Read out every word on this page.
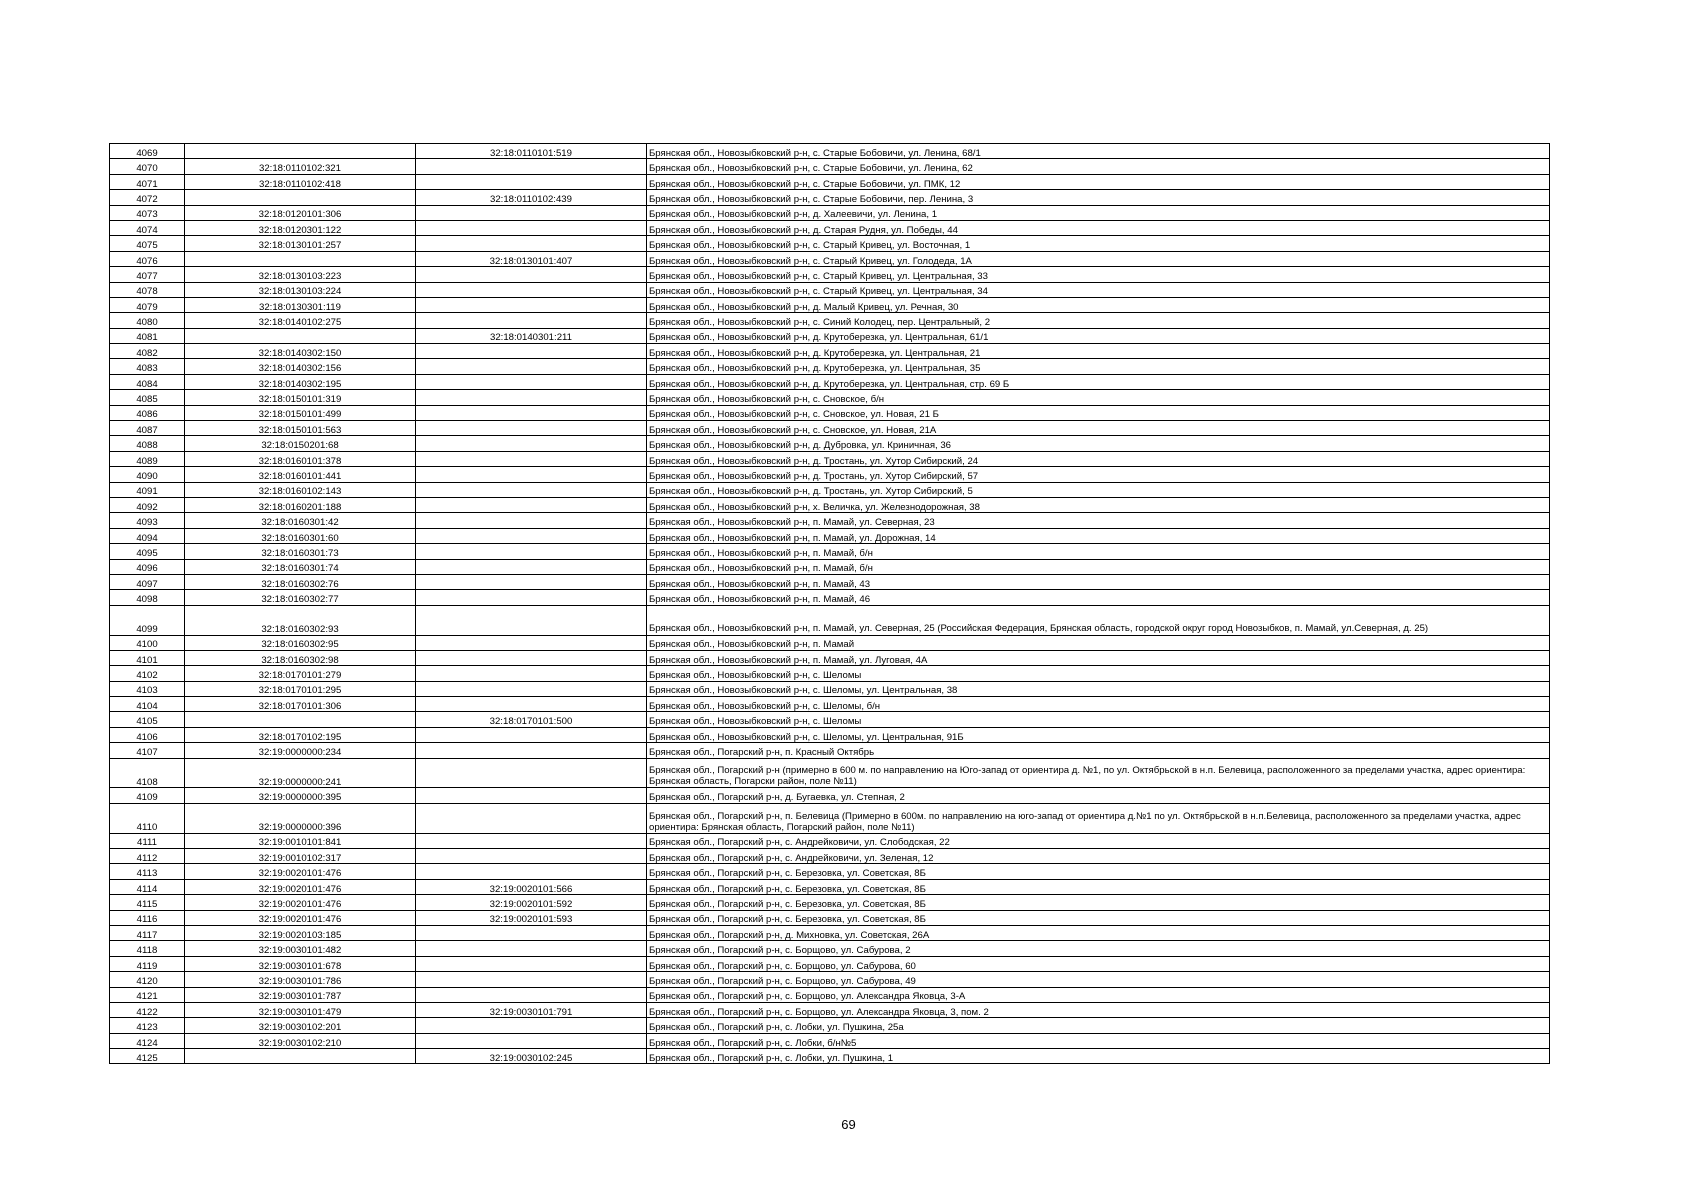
4069		32:18:0110101:519	Брянская обл., Новозыбковский р-н, с. Старые Бобовичи, ул. Ленина, 68/1
4070	32:18:0110102:321		Брянская обл., Новозыбковский р-н, с. Старые Бобовичи, ул. Ленина, 62
4071	32:18:0110102:418		Брянская обл., Новозыбковский р-н, с. Старые Бобовичи, ул. ПМК, 12
4072		32:18:0110102:439	Брянская обл., Новозыбковский р-н, с. Старые Бобовичи, пер. Ленина, 3
4073	32:18:0120101:306		Брянская обл., Новозыбковский р-н, д. Халеевичи, ул. Ленина, 1
4074	32:18:0120301:122		Брянская обл., Новозыбковский р-н, д. Старая Рудня, ул. Победы, 44
4075	32:18:0130101:257		Брянская обл., Новозыбковский р-н, с. Старый Кривец, ул. Восточная, 1
4076		32:18:0130101:407	Брянская обл., Новозыбковский р-н, с. Старый Кривец, ул. Голодеда, 1А
4077	32:18:0130103:223		Брянская обл., Новозыбковский р-н, с. Старый Кривец, ул. Центральная, 33
4078	32:18:0130103:224		Брянская обл., Новозыбковский р-н, с. Старый Кривец, ул. Центральная, 34
4079	32:18:0130301:119		Брянская обл., Новозыбковский р-н, д. Малый Кривец, ул. Речная, 30
4080	32:18:0140102:275		Брянская обл., Новозыбковский р-н, с. Синий Колодец, пер. Центральный, 2
4081		32:18:0140301:211	Брянская обл., Новозыбковский р-н, д. Крутоберезка, ул. Центральная, 61/1
4082	32:18:0140302:150		Брянская обл., Новозыбковский р-н, д. Крутоберезка, ул. Центральная, 21
4083	32:18:0140302:156		Брянская обл., Новозыбковский р-н, д. Крутоберезка, ул. Центральная, 35
4084	32:18:0140302:195		Брянская обл., Новозыбковский р-н, д. Крутоберезка, ул. Центральная, стр. 69 Б
4085	32:18:0150101:319		Брянская обл., Новозыбковский р-н, с. Сновское, б/н
4086	32:18:0150101:499		Брянская обл., Новозыбковский р-н, с. Сновское, ул. Новая, 21 Б
4087	32:18:0150101:563		Брянская обл., Новозыбковский р-н, с. Сновское, ул. Новая, 21А
4088	32:18:0150201:68		Брянская обл., Новозыбковский р-н, д. Дубровка, ул. Криничная, 36
4089	32:18:0160101:378		Брянская обл., Новозыбковский р-н, д. Тростань, ул. Хутор Сибирский, 24
4090	32:18:0160101:441		Брянская обл., Новозыбковский р-н, д. Тростань, ул. Хутор Сибирский, 57
4091	32:18:0160102:143		Брянская обл., Новозыбковский р-н, д. Тростань, ул. Хутор Сибирский, 5
4092	32:18:0160201:188		Брянская обл., Новозыбковский р-н, х. Величка, ул. Железнодорожная, 38
4093	32:18:0160301:42		Брянская обл., Новозыбковский р-н, п. Мамай, ул. Северная, 23
4094	32:18:0160301:60		Брянская обл., Новозыбковский р-н, п. Мамай, ул. Дорожная, 14
4095	32:18:0160301:73		Брянская обл., Новозыбковский р-н, п. Мамай, б/н
4096	32:18:0160301:74		Брянская обл., Новозыбковский р-н, п. Мамай, б/н
4097	32:18:0160302:76		Брянская обл., Новозыбковский р-н, п. Мамай, 43
4098	32:18:0160302:77		Брянская обл., Новозыбковский р-н, п. Мамай, 46
4099	32:18:0160302:93		Брянская обл., Новозыбковский р-н, п. Мамай, ул. Северная, 25 (Российская Федерация, Брянская область, городской округ город Новозыбков, п. Мамай, ул.Северная, д. 25)
4100	32:18:0160302:95		Брянская обл., Новозыбковский р-н, п. Мамай
4101	32:18:0160302:98		Брянская обл., Новозыбковский р-н, п. Мамай, ул. Луговая, 4А
4102	32:18:0170101:279		Брянская обл., Новозыбковский р-н, с. Шеломы
4103	32:18:0170101:295		Брянская обл., Новозыбковский р-н, с. Шеломы, ул. Центральная, 38
4104	32:18:0170101:306		Брянская обл., Новозыбковский р-н, с. Шеломы, б/н
4105		32:18:0170101:500	Брянская обл., Новозыбковский р-н, с. Шеломы
4106	32:18:0170102:195		Брянская обл., Новозыбковский р-н, с. Шеломы, ул. Центральная, 91Б
4107	32:19:0000000:234		Брянская обл., Погарский р-н, п. Красный Октябрь
4108	32:19:0000000:241		Брянская обл., Погарский р-н (примерно в 600 м. по направлению на Юго-запад от ориентира д. №1, по ул. Октябрьской в н.п. Белевица, расположенного за пределами участка, адрес ориентира: Брянская область, Погарски район, поле №11)
4109	32:19:0000000:395		Брянская обл., Погарский р-н, д. Бугаевка, ул. Степная, 2
4110	32:19:0000000:396		Брянская обл., Погарский р-н, п. Белевица (Примерно в 600м. по направлению на юго-запад от ориентира д.№1 по ул. Октябрьской в н.п.Белевица, расположенного за пределами участка, адрес ориентира: Брянская область, Погарский район, поле №11)
4111	32:19:0010101:841		Брянская обл., Погарский р-н, с. Андрейковичи, ул. Слободская, 22
4112	32:19:0010102:317		Брянская обл., Погарский р-н, с. Андрейковичи, ул. Зеленая, 12
4113	32:19:0020101:476		Брянская обл., Погарский р-н, с. Березовка, ул. Советская, 8Б
4114	32:19:0020101:476	32:19:0020101:566	Брянская обл., Погарский р-н, с. Березовка, ул. Советская, 8Б
4115	32:19:0020101:476	32:19:0020101:592	Брянская обл., Погарский р-н, с. Березовка, ул. Советская, 8Б
4116	32:19:0020101:476	32:19:0020101:593	Брянская обл., Погарский р-н, с. Березовка, ул. Советская, 8Б
4117	32:19:0020103:185		Брянская обл., Погарский р-н, д. Михновка, ул. Советская, 26А
4118	32:19:0030101:482		Брянская обл., Погарский р-н, с. Борщово, ул. Сабурова, 2
4119	32:19:0030101:678		Брянская обл., Погарский р-н, с. Борщово, ул. Сабурова, 60
4120	32:19:0030101:786		Брянская обл., Погарский р-н, с. Борщово, ул. Сабурова, 49
4121	32:19:0030101:787		Брянская обл., Погарский р-н, с. Борщово, ул. Александра Яковца, 3-А
4122	32:19:0030101:479	32:19:0030101:791	Брянская обл., Погарский р-н, с. Борщово, ул. Александра Яковца, 3, пом. 2
4123	32:19:0030102:201		Брянская обл., Погарский р-н, с. Лобки, ул. Пушкина, 25а
4124	32:19:0030102:210		Брянская обл., Погарский р-н, с. Лобки, б/н№5
4125		32:19:0030102:245	Брянская обл., Погарский р-н, с. Лобки, ул. Пушкина, 1
69
